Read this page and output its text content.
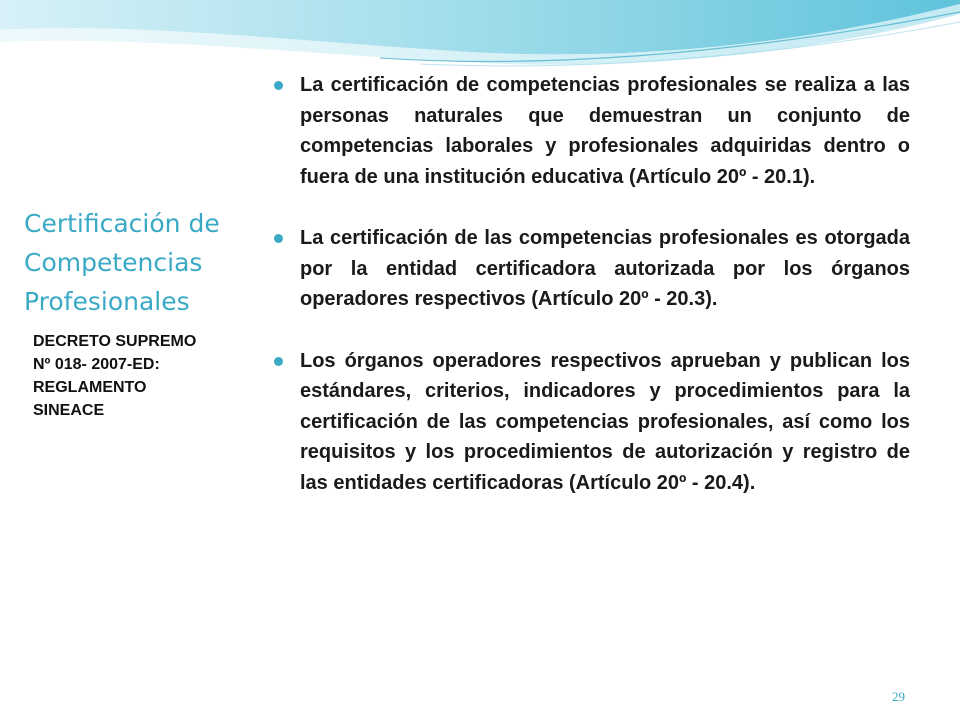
Certificación de Competencias Profesionales
DECRETO SUPREMO
Nº 018- 2007-ED:
REGLAMENTO
SINEACE
La certificación de competencias profesionales se realiza a las personas naturales que demuestran un conjunto de competencias laborales y profesionales adquiridas dentro o fuera de una institución educativa (Artículo 20º - 20.1).
La certificación de las competencias profesionales es otorgada por la entidad certificadora autorizada por los órganos operadores respectivos (Artículo 20º - 20.3).
Los órganos operadores respectivos aprueban y publican los estándares, criterios, indicadores y procedimientos para la certificación de las competencias profesionales, así como los requisitos y los procedimientos de autorización y registro de las entidades certificadoras (Artículo 20º - 20.4).
29
